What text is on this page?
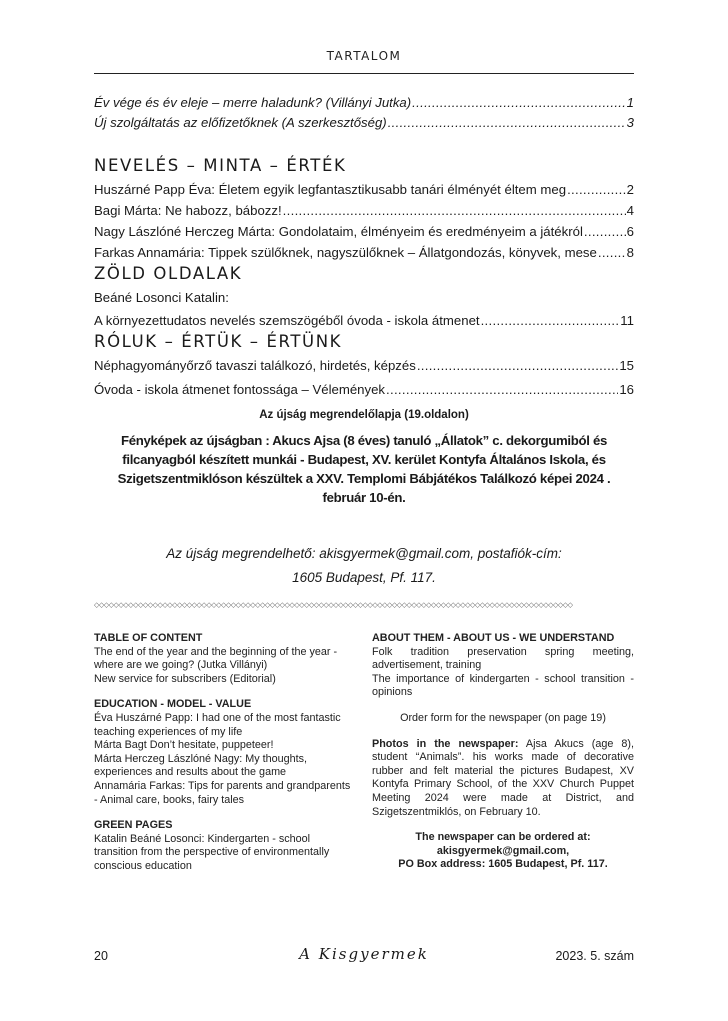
TARTALOM
Év vége és év eleje – merre haladunk? (Villányi Jutka) .....	1
Új szolgáltatás az előfizetőknek (A szerkesztőség) .....	3
NEVELÉS – MINTA – ÉRTÉK
Huszárné Papp Éva: Életem egyik legfantasztikusabb tanári élményét éltem meg .....	2
Bagi Márta: Ne habozz, bábozz! .....	4
Nagy Lászlóné Herczeg Márta: Gondolataim, élményeim és eredményeim a játékról .....	6
Farkas Annamária: Tippek szülőknek, nagyszülőknek – Állatgondozás, könyvek, mese ..... 8
ZÖLD OLDALAK
Beáné Losonci Katalin:
A környezettudatos nevelés szemszögéből óvoda - iskola átmenet .....	11
RÓLUK – ÉRTÜK – ÉRTÜNK
Néphagyományőrző tavaszi találkozó, hirdetés, képzés .....	15
Óvoda - iskola átmenet fontossága – Vélemények .....	16
Az újság megrendelőlapja (19.oldalon)
Fényképek az újságban : Akucs Ajsa (8 éves) tanuló „Állatok” c. dekorgumiból és filcanyagból készített munkái - Budapest, XV. kerület Kontyfa Általános Iskola, és Szigetszentmiklóson készültek a XXV. Templomi Bábjátékos Találkozó képei 2024 . február 10-én.
Az újság megrendelhető: akisgyermek@gmail.com, postafiók-cím:
1605 Budapest, Pf. 117.
◇◇◇◇◇◇◇◇◇◇◇◇◇◇◇◇◇◇◇◇◇◇◇◇◇◇◇◇◇◇◇◇◇◇◇◇◇◇◇◇◇◇◇◇◇◇◇◇◇◇◇◇◇◇◇◇◇◇◇◇◇◇◇◇◇◇◇◇◇◇◇◇◇◇◇◇◇◇◇◇◇◇◇◇◇◇◇◇◇◇◇◇◇◇◇◇◇◇

TABLE OF CONTENT

The end of the year and the beginning of the year - where are we going? (Jutka Villányi)

New service for subscribers (Editorial)

EDUCATION - MODEL - VALUE

Éva Huszárné Papp: I had one of the most fantastic teaching experiences of my life

Márta Bagt Don’t hesitate, puppeteer!

Márta Herczeg Lászlóné Nagy: My thoughts, experiences and results about the game

Annamária Farkas: Tips for parents and grandparents - Animal care, books, fairy tales

GREEN PAGES

Katalin Beáné Losonci: Kindergarten - school transition from the perspective of environmentally conscious education

ABOUT THEM - ABOUT US - WE UNDERSTAND

Folk tradition preservation spring meeting, advertisement, training

The importance of kindergarten - school transition - opinions

Order form for the newspaper (on page 19)

Photos in the newspaper: Ajsa Akucs (age 8), student “Animals”. his works made of decorative rubber and felt material the pictures Budapest, XV Kontyfa Primary School, of the XXV Church Puppet Meeting 2024 were made at District, and Szigetszentmiklós, on February 10.

The newspaper can be ordered at:

akisgyermek@gmail.com,

PO Box address: 1605 Budapest, Pf. 117.

20	A Kisgyermek	2023. 5. szám
